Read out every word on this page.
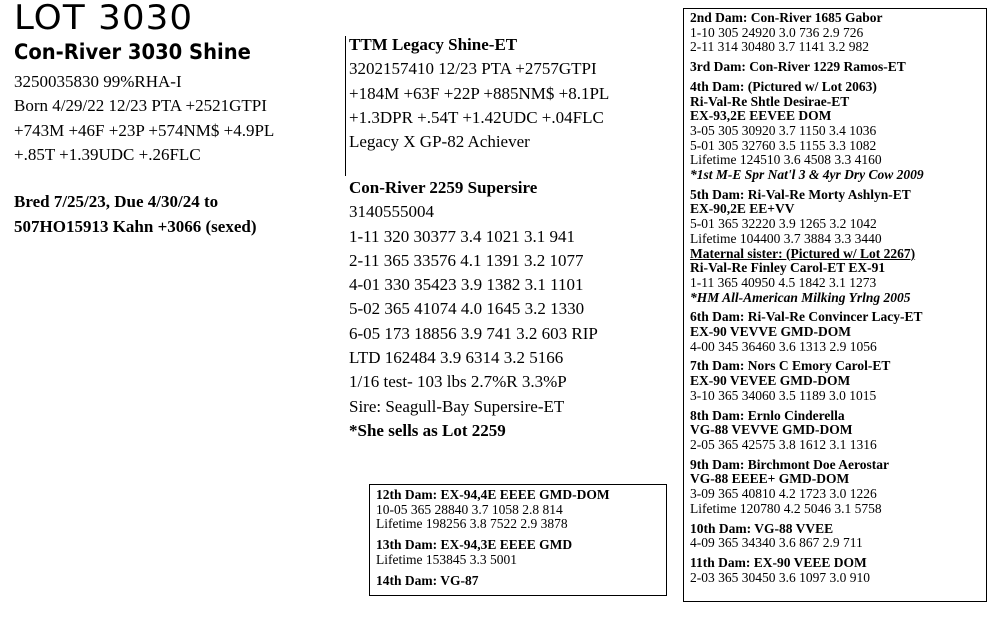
LOT 3030
Con-River 3030 Shine
3250035830 99%RHA-I
Born 4/29/22 12/23 PTA +2521GTPI
+743M +46F +23P +574NM$ +4.9PL
+.85T +1.39UDC +.26FLC
Bred 7/25/23, Due 4/30/24 to
507HO15913 Kahn +3066 (sexed)
TTM Legacy Shine-ET
3202157410 12/23 PTA +2757GTPI
+184M +63F +22P +885NM$ +8.1PL
+1.3DPR +.54T +1.42UDC +.04FLC
Legacy X GP-82 Achiever
Con-River 2259 Supersire
3140555004
1-11 320 30377 3.4 1021 3.1 941
2-11 365 33576 4.1 1391 3.2 1077
4-01 330 35423 3.9 1382 3.1 1101
5-02 365 41074 4.0 1645 3.2 1330
6-05 173 18856 3.9 741 3.2 603 RIP
LTD 162484 3.9 6314 3.2 5166
1/16 test- 103 lbs 2.7%R 3.3%P
Sire: Seagull-Bay Supersire-ET
*She sells as Lot 2259
2nd Dam: Con-River 1685 Gabor
1-10 305 24920 3.0 736 2.9 726
2-11 314 30480 3.7 1141 3.2 982
3rd Dam: Con-River 1229 Ramos-ET
4th Dam: (Pictured w/ Lot 2063)
Ri-Val-Re Shtle Desirae-ET
EX-93,2E EEVEE DOM
3-05 305 30920 3.7 1150 3.4 1036
5-01 305 32760 3.5 1155 3.3 1082
Lifetime 124510 3.6 4508 3.3 4160
*1st M-E Spr Nat'l 3 & 4yr Dry Cow 2009
5th Dam: Ri-Val-Re Morty Ashlyn-ET
EX-90,2E EE+VV
5-01 365 32220 3.9 1265 3.2 1042
Lifetime 104400 3.7 3884 3.3 3440
Maternal sister: (Pictured w/ Lot 2267)
Ri-Val-Re Finley Carol-ET EX-91
1-11 365 40950 4.5 1842 3.1 1273
*HM All-American Milking Yrlng 2005
6th Dam: Ri-Val-Re Convincer Lacy-ET
EX-90 VEVVE GMD-DOM
4-00 345 36460 3.6 1313 2.9 1056
7th Dam: Nors C Emory Carol-ET
EX-90 VEVEE GMD-DOM
3-10 365 34060 3.5 1189 3.0 1015
8th Dam: Ernlo Cinderella
VG-88 VEVVE GMD-DOM
2-05 365 42575 3.8 1612 3.1 1316
9th Dam: Birchmont Doe Aerostar
VG-88 EEEE+ GMD-DOM
3-09 365 40810 4.2 1723 3.0 1226
Lifetime 120780 4.2 5046 3.1 5758
10th Dam: VG-88 VVEE
4-09 365 34340 3.6 867 2.9 711
11th Dam: EX-90 VEEE DOM
2-03 365 30450 3.6 1097 3.0 910
12th Dam: EX-94,4E EEEE GMD-DOM
10-05 365 28840 3.7 1058 2.8 814
Lifetime 198256 3.8 7522 2.9 3878
13th Dam: EX-94,3E EEEE GMD
Lifetime 153845 3.3 5001
14th Dam: VG-87
